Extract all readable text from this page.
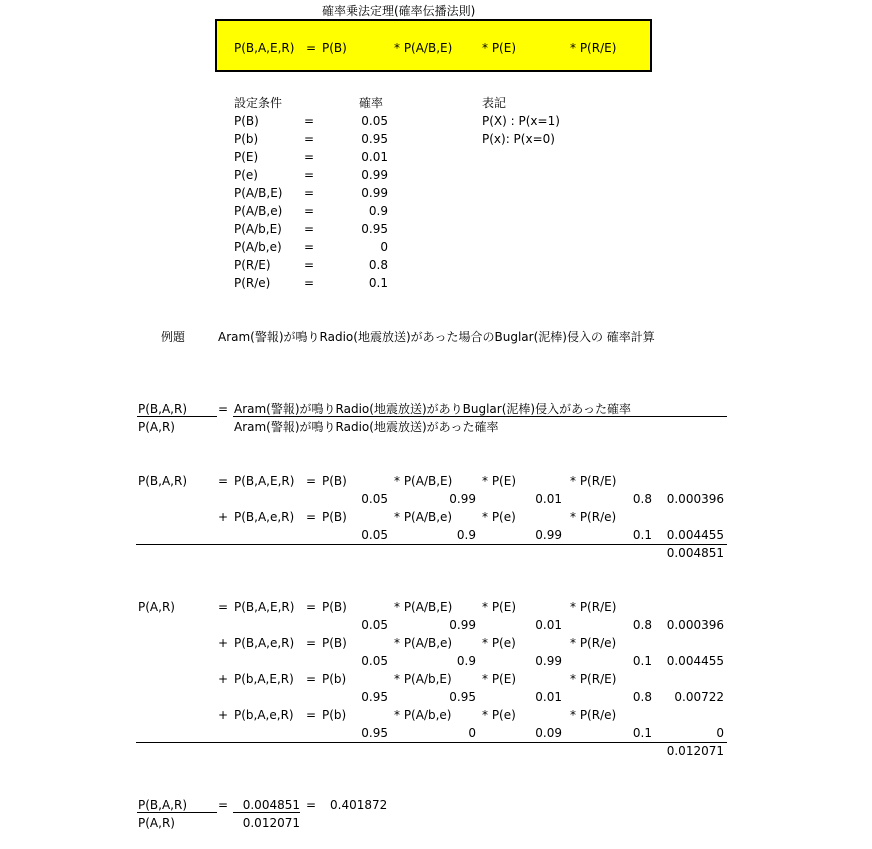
確率乗法定理(確率伝播法則)
P(B,A,E,R) = P(B)	* P(A/B,E) * P(E)	* P(R/E)
設定条件	確率
P(B)	=	0.05
P(b)	=	0.95
P(E)	=	0.01
P(e)	=	0.99
P(A/B,E) =	0.99
P(A/B,e) =	0.9
P(A/b,E) =	0.95
P(A/b,e) =	0
P(R/E)	=	0.8
P(R/e)	=	0.1
表記
P(X) : P(x=1)
P(x): P(x=0)
例題	Aram(警報)が鳴りRadio(地震放送)があった場合のBuglar(泥棒)侵入の 確率計算
P(B,A,R)	= Aram(警報)が鳴りRadio(地震放送)がありBuglar(泥棒)侵入があった確率
P(A,R)	Aram(警報)が鳴りRadio(地震放送)があった確率
P(B,A,R)	= P(B,A,E,R) = P(B)	* P(A/B,E) * P(E)	* P(R/E)
0.05	0.99	0.01	0.8	0.000396
+ P(B,A,e,R) = P(B)	* P(A/B,e) * P(e)	* P(R/e)
0.05	0.9	0.99	0.1	0.004455
0.004851
P(A,R)	= P(B,A,E,R) = P(B)	* P(A/B,E) * P(E)	* P(R/E)
0.05	0.99	0.01	0.8	0.000396
+ P(B,A,e,R) = P(B)	* P(A/B,e) * P(e)	* P(R/e)
0.05	0.9	0.99	0.1	0.004455
+ P(b,A,E,R) = P(b)	* P(A/b,E)	* P(E)	* P(R/E)
0.95	0.95	0.01	0.8	0.00722
+ P(b,A,e,R) = P(b)	* P(A/b,e)	* P(e)	* P(R/e)
0.95	0	0.09	0.1	0
0.012071
P(B,A,R)	=	0.004851 = 0.401872
P(A,R)	0.012071
